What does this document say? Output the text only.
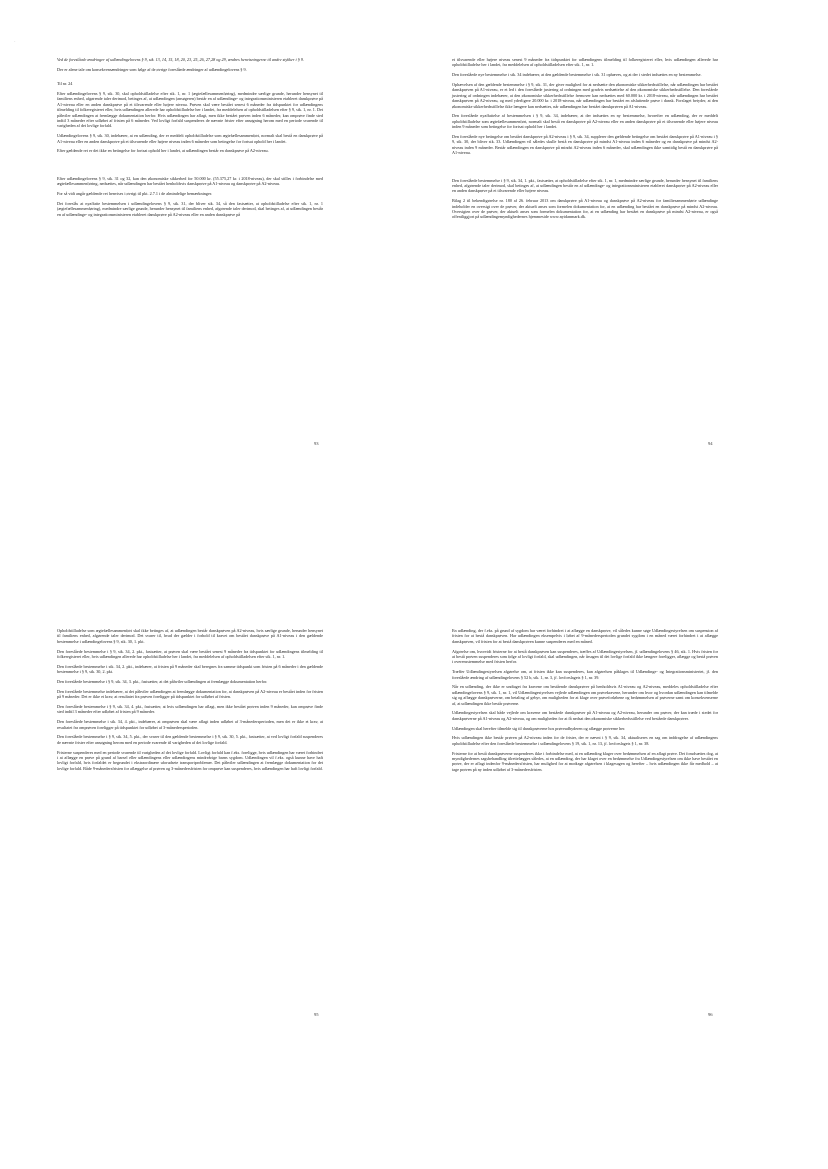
-

Ved de foreslåede ændringer af udlændingelovens § 9, stk. 13, 14, 15, 18, 20, 23, 25, 26, 27,28 og 29, ændres henvisningerne til andre stykker i § 9.

Der er alene tale om konsekvensændringer som følge af de øvrige foreslåede ændringer af udlændingelovens § 9.

Til nr. 24

Efter udlændingelovens § 9, stk. 30, skal opholdstilladelse efter stk. 1, nr. 1 (ægtefællesammenføring), medmindre særlige grunde, herunder hensynet til familiens enhed, afgørende taler derimod, betinges af, at udlændingen (ansøgeren) består en af udlændinge- og integrationsministeren etableret danskprøve på A1-niveau eller en anden danskprøve på et tilsvarende eller højere niveau. Prøven skal være bestået senest 6 måneder fra tidspunktet for udlændingens tilmelding til folkeregisteret eller, hvis udlændingen allerede har opholdstilladelse her i landet, fra meddelelsen af opholdstilladelsen efter § 9, stk. 1, nr. 1. Det påhviler udlændingen at fremlægge dokumentation herfor. Hvis udlændingen har aflagt, men ikke bestået prøven inden 6 måneder, kan omprøve finde sted indtil 3 måneder efter udløbet af fristen på 6 måneder. Ved lovligt forfald suspenderes de nævnte frister efter ansøgning herom med en periode svarende til varigheden af det lovlige forfald.

Udlændingelovens § 9, stk. 30, indebærer, at en udlænding, der er meddelt opholdstilladelse som ægtefællesammenført, normalt skal bestå en danskprøve på A1-niveau eller en anden danskprøve på et tilsvarende eller højere niveau inden 6 måneder som betingelse for fortsat ophold her i landet.

Efter gældende ret er det ikke en betingelse for fortsat ophold her i landet, at udlændingen består en danskprøve på A2-niveau.

Efter udlændingelovens § 9, stk. 31 og 32, kan den økonomiske sikkerhed for 50.000 kr. (55.375,27 kr. i 2018-niveau), der skal stilles i forbindelse med ægtefællesammenføring, nedsættes, når udlændingen har bestået henholdsvis danskprøve på A1-niveau og danskprøve på A2-niveau.

For så vidt angår gældende ret henvises i øvrigt til pkt. 2.7.1 i de almindelige bemærkninger.

Det foreslås at nyaffatte bestemmelsen i udlændingelovens § 9, stk. 31, der bliver stk. 34, så den fastsætter, at opholdstilladelse efter stk. 1, nr. 1 (ægtefællesammenføring), medmindre særlige grunde, herunder hensynet til familiens enhed, afgørende taler derimod, skal betinges af, at udlændingen består en af udlændinge- og integrationsministeren etableret danskprøve på A2-niveau eller en anden danskprøve på

93

et tilsvarende eller højere niveau senest 9 måneder fra tidspunktet for udlændingens tilmelding til folkeregisteret eller, hvis udlændingen allerede har opholdstilladelse her i landet, fra meddelelsen af opholdstilladelsen efter stk. 1, nr. 1.

Den foreslåede nye bestemmelse i stk. 34 indebærer, at den gældende bestemmelse i stk. 31 ophæves, og at der i stedet indsættes en ny bestemmelse.

Ophævelsen af den gældende bestemmelse i § 9, stk. 31, der giver mulighed for at nedsætte den økonomiske sikkerhedsstillelse, når udlændingen har bestået danskprøven på A1-niveau, er et led i den foreslåede justering af ordningen med gradvis nedsættelse af den økonomiske sikkerhedsstillelse. Den foreslåede justering af ordningen indebærer, at den økonomiske sikkerhedsstillelse fremover kan nedsættes med 60.000 kr. i 2018-niveau, når udlændingen har bestået danskprøven på A2-niveau, og med yderligere 20.000 kr. i 2018-niveau, når udlændingen har bestået en afsluttende prøve i dansk. Forslaget betyder, at den økonomiske sikkerhedsstillelse ikke længere kan nedsættes, når udlændingen har bestået danskprøven på A1-niveau.

Den foreslåede nyaffattelse af bestemmelsen i § 9, stk. 34, indebærer, at der indsættes en ny bestemmelse, hvorefter en udlænding, der er meddelt opholdstilladelse som ægtefællesammenført, normalt skal bestå en danskprøve på A2-niveau eller en anden danskprøve på et tilsvarende eller højere niveau inden 9 måneder som betingelse for fortsat ophold her i landet.

Den foreslåede nye betingelse om bestået danskprøve på A2-niveau i § 9, stk. 34, supplerer den gældende betingelse om bestået danskprøve på A1-niveau i § 9, stk. 30, der bliver stk. 33. Udlændingen vil således skulle bestå en danskprøve på mindst A1-niveau inden 6 måneder og en danskprøve på mindst A2-niveau inden 9 måneder. Består udlændingen en danskprøve på mindst A2-niveau inden 6 måneder, skal udlændingen ikke samtidig bestå en danskprøve på A1-niveau.

Den foreslåede bestemmelse i § 9, stk. 34, 1. pkt., fastsætter, at opholdstilladelse efter stk. 1, nr. 1, medmindre særlige grunde, herunder hensynet til familiens enhed, afgørende taler derimod, skal betinges af, at udlændingen består en af udlændinge- og integrationsministeren etableret danskprøve på A2-niveau eller en anden danskprøve på et tilsvarende eller højere niveau.

Bilag 2 til bekendtgørelse nr. 180 af 26. februar 2013 om danskprøve på A1-niveau og danskprøve på A2-niveau for familiesammenførte udlændinge indeholder en oversigt over de prøver, der aktuelt anses som formelen dokumentation for, at en udlænding har bestået en danskprøve på mindst A2-niveau. Oversigten over de prøver, der aktuelt anses som formelen dokumentation for, at en udlænding har bestået en danskprøve på mindst A2-niveau, er også offentliggjort på udlændingemyndighedernes hjemmeside www.nyidanmark.dk.

94

Opholdstilladelse som ægtefællesammenført skal ikke betinges af, at udlændingen består danskprøven på A2-niveau, hvis særlige grunde, herunder hensynet til familiens enhed, afgørende taler derimod. Det svarer til, hvad der gælder i forhold til kravet om bestået danskprøve på A1-niveau i den gældende bestemmelse i udlændingelovens § 9, stk. 30, 1. pkt.

Den foreslåede bestemmelse i § 9, stk. 34, 2. pkt., fastsætter, at prøven skal være bestået senest 9 måneder fra tidspunktet for udlændingens tilmelding til folkeregisteret eller, hvis udlændingen allerede har opholdstilladelse her i landet, fra meddelelsen af opholdstilladelsen efter stk. 1, nr. 1.

Den foreslåede bestemmelse i stk. 34, 2. pkt., indebærer, at fristen på 9 måneder skal beregnes fra samme tidspunkt som fristen på 6 måneder i den gældende bestemmelse i § 9, stk. 30, 2. pkt.

Den foreslåede bestemmelse i § 9, stk. 34, 3. pkt., fastsætter, at det påhviler udlændingen at fremlægge dokumentation herfor.

Den foreslåede bestemmelse indebærer, at det påhviler udlændingen at fremlægge dokumentation for, at danskprøven på A2-niveau er bestået inden for fristen på 9 måneder. Det er ikke et krav, at resultatet fra prøven foreligger på tidspunktet for udløbet af fristen.

Den foreslåede bestemmelse i § 9, stk. 34, 4. pkt., fastsætter, at hvis udlændingen har aflagt, men ikke bestået prøven inden 9 måneder, kan omprøve finde sted indtil 3 måneder efter udløbet af fristen på 9 måneder.

Den foreslåede bestemmelse i stk. 34, 4. pkt., indebærer, at omprøven skal være aflagt inden udløbet af 3-månedersperioden, men det er ikke et krav, at resultatet fra omprøven foreligger på tidspunktet for udløbet af 3-månedersperioden.

Den foreslåede bestemmelse i § 9, stk. 34, 5. pkt., der svarer til den gældende bestemmelse i § 9, stk. 30, 5. pkt., fastsætter, at ved lovligt forfald suspenderes de nævnte frister efter ansøgning herom med en periode svarende til varigheden af det lovlige forfald.

Fristerne suspenderes med en periode svarende til varigheden af det lovlige forfald. Lovligt forfald kan f.eks. foreligge, hvis udlændingen har været forhindret i at aflægge en prøve på grund af barsel eller udlændingens eller udlændingens mindreårige barns sygdom. Udlændingen vil f.eks. også kunne have haft lovligt forfald, hvis forfaldet er begrundet i ekstraordinære uforudsete transportproblemer. Det påhviler udlændingen at fremlægge dokumentation for det lovlige forfald. Både 9-månedersfristen for aflæggelse af prøven og 3-månedersfristen for omprøve kan suspenderes, hvis udlændingen har haft lovligt forfald.

95

En udlænding, der f.eks. på grund af sygdom har været forhindret i at aflægge en danskprøve, vil således kunne søge Udlændingestyrelsen om suspension af fristen for at bestå danskprøven. Har udlændingen eksempelvis i løbet af 9-månedersperioden grundet sygdom i en måned været forhindret i at aflægge danskprøven, vil fristen for at bestå danskprøven kunne suspenderes med en måned.

Afgørelse om, hvorvidt fristerne for at bestå danskprøven kan suspenderes, træffes af Udlændingestyrelsen, jf. udlændingelovens § 46, stk. 1. Hvis fristen for at bestå prøven suspenderes som følge af lovligt forfald, skal udlændingen, når årsagen til det lovlige forfald ikke længere foreligger, aflægge og bestå prøven i overensstemmelse med fristen herfor.

Træffer Udlændingestyrelsen afgørelse om, at fristen ikke kan suspenderes, kan afgørelsen påklages til Udlændinge- og Integrationsministeriet, jf. den foreslåede ændring af udlændingelovens § 52 b, stk. 1, nr. 3, jf. lovforslagets § 1, nr. 39.

Når en udlænding, der ikke er undtaget fra kravene om bestående danskprøver på henholdsvis A1-niveau og A2-niveau, meddeles opholdstilladelse efter udlændingelovens § 9, stk. 1, nr. 1, vil Udlændingestyrelsen vejlede udlændingen om prøvekravene, herunder om hvor og hvordan udlændingen kan tilmelde sig og aflægge danskprøverne, om betaling af gebyr, om muligheden for at klage over prøveforløbene og bedømmelsen af prøverne samt om konsekvenserne af, at udlændingen ikke består prøverne.

Udlændingestyrelsen skal både vejlede om kravene om beståede danskprøver på A1-niveau og A2-niveau, herunder om prøver, der kan træde i stedet for danskprøverne på A1-niveau og A2-niveau, og om muligheden for at få nedsat den økonomiske sikkerhedsstillelse ved beståede danskprøver.

Udlændingen skal herefter tilmelde sig til danskprøverne hos prøveudbyderen og aflægge prøverne her.

Hvis udlændingen ikke består prøven på A2-niveau inden for de frister, der er nævnt i § 9, stk. 34, aktualiseres en sag om inddragelse af udlændingens opholdstilladelse efter den foreslåede bestemmelse i udlændingelovens § 19, stk. 1, nr. 13, jf. lovforslagets § 1, nr. 38.

Fristerne for at bestå danskprøverne suspenderes ikke i forbindelse med, at en udlænding klager over bedømmelsen af en aflagt prøve. Det forudsættes dog, at myndighedernes sagsbehandling tilrettelægges således, at en udlænding, der har klaget over en bedømmelse fra Udlændingestyrelsen om ikke have bestået en prøve, der er aflagt indenfor 9-månedersfristen, har mulighed for at modtage afgørelsen i klagesagen og herefter – hvis udlændingen ikke får medhold – at tage prøven på ny inden udløbet af 3-månedersfristen.

96
